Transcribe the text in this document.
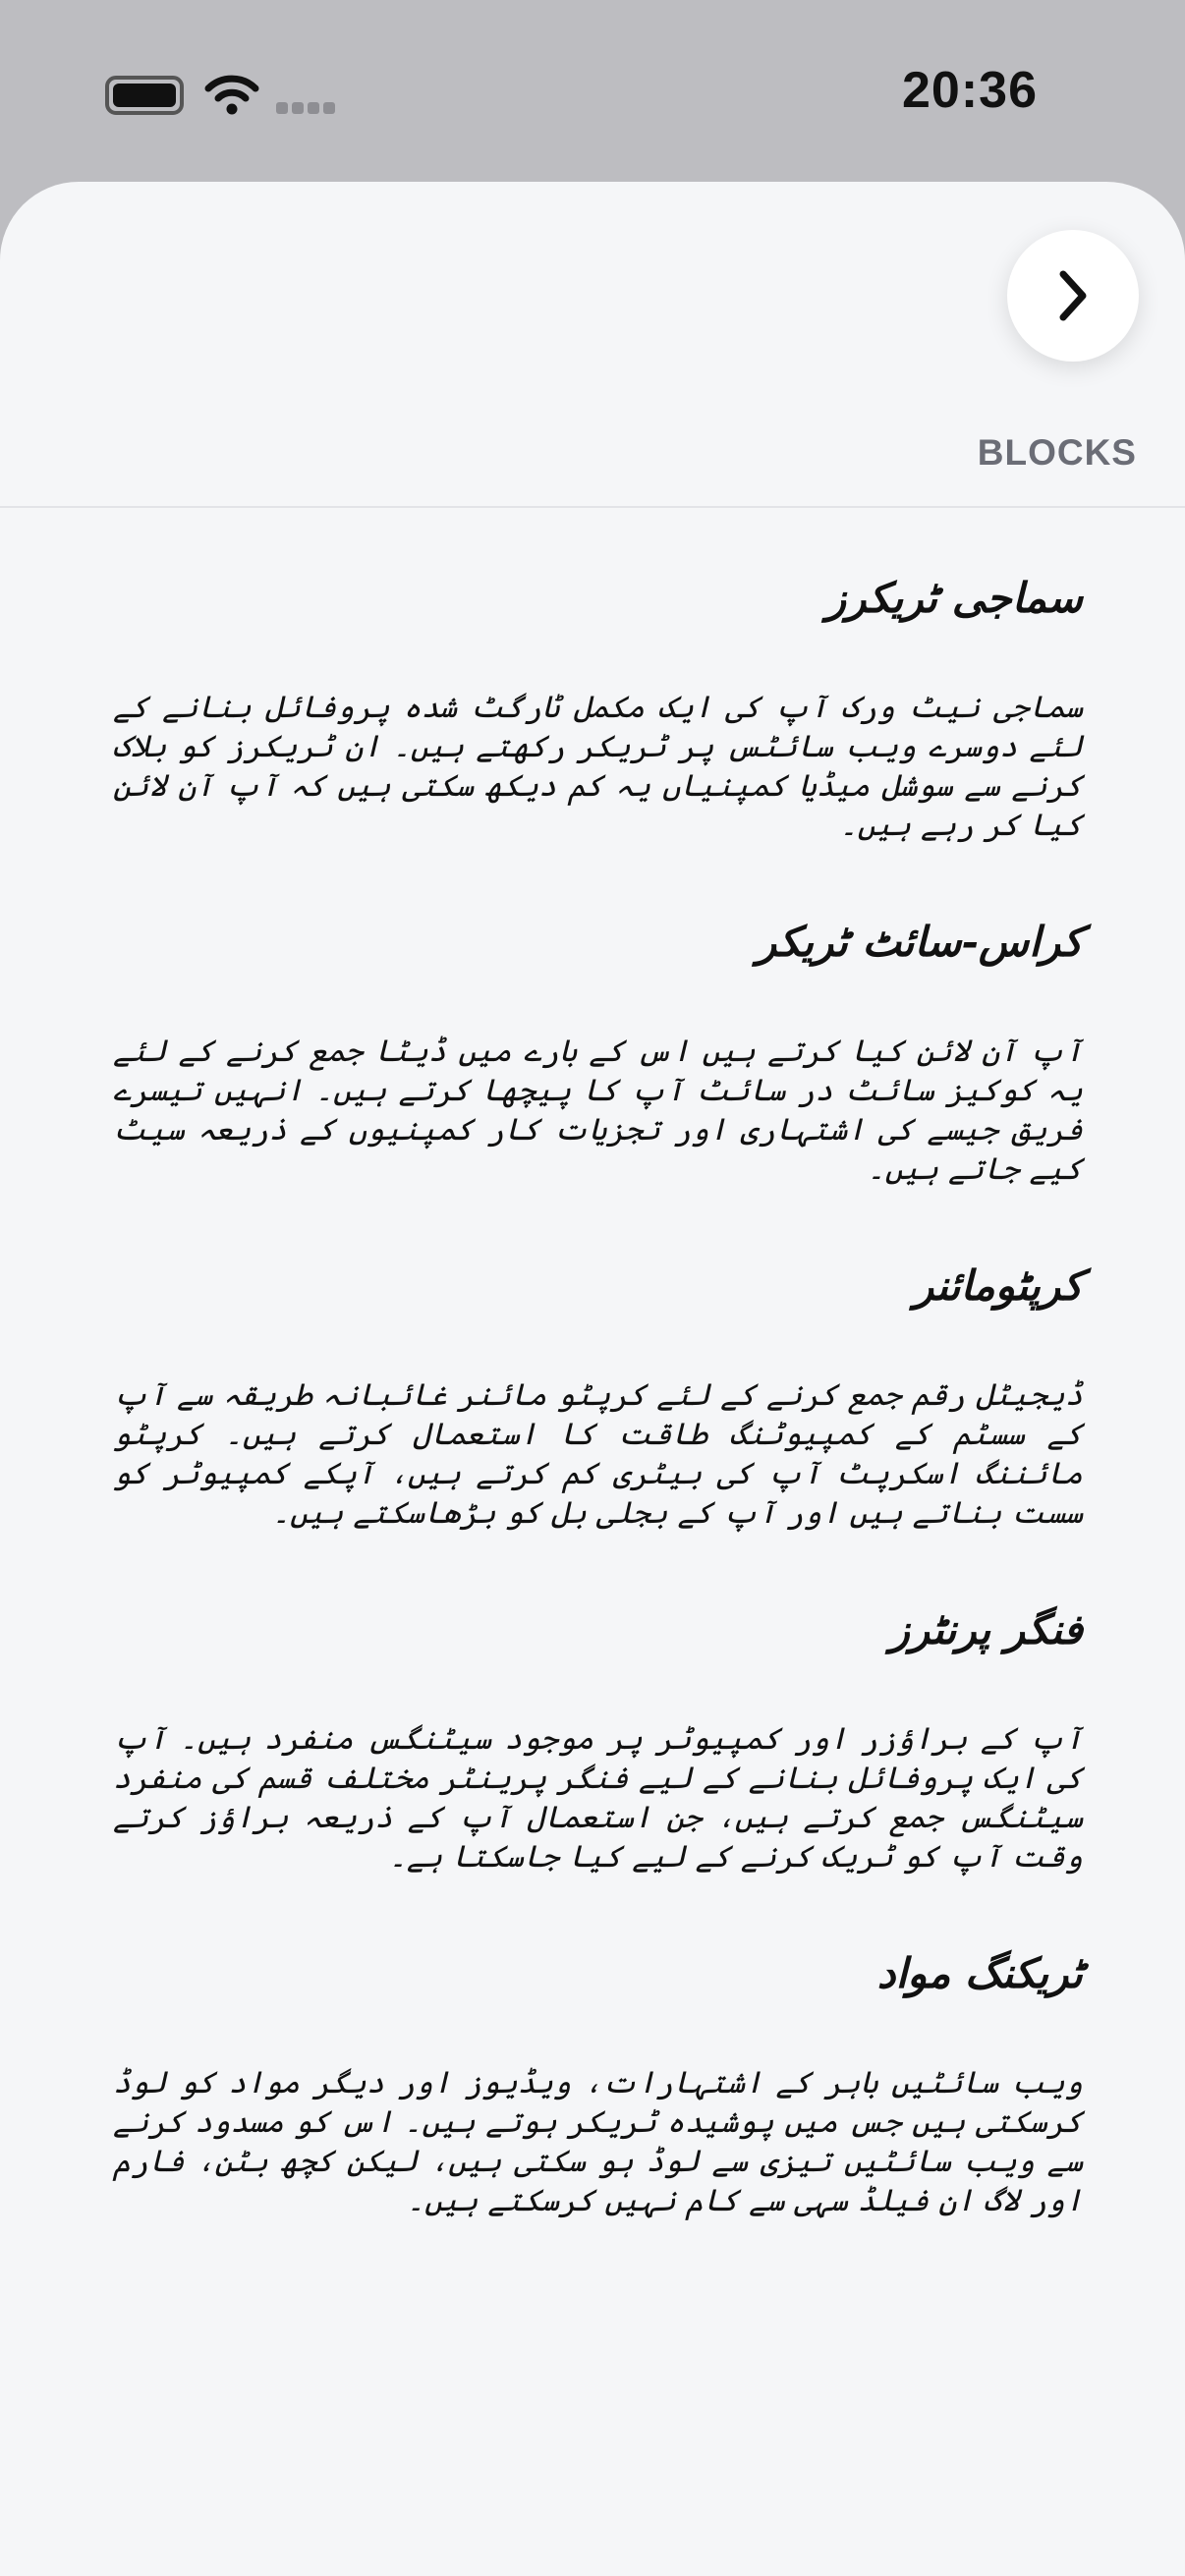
20:36
BLOCKS
سماجی ٹریکرز
سماجی نیٹ ورک آپ کی ایک مکمل ٹارگٹ شدہ پروفائل بنانے کے لئے دوسرے ویب سائٹس پر ٹریکر رکھتے ہیں۔ ان ٹریکرز کو بلاک کرنے سے سوشل میڈیا کمپنیاں یہ کم دیکھ سکتی ہیں کہ آپ آن لائن کیا کر رہے ہیں۔
کراس-سائٹ ٹریکر
آپ آن لائن کیا کرتے ہیں اس کے بارے میں ڈیٹا جمع کرنے کے لئے یہ کوکیز سائٹ در سائٹ آپ کا پیچھا کرتے ہیں۔ انہیں تیسرے فریق جیسے کی اشتہاری اور تجزیات کار کمپنیوں کے ذریعہ سیٹ کیے جاتے ہیں۔
کرپٹومائنر
ڈیجیٹل رقم جمع کرنے کے لئے کرپٹو مائنر غائبانہ طریقہ سے آپ کے سسٹم کے کمپیوٹنگ طاقت کا استعمال کرتے ہیں۔ کرپٹو مائننگ اسکرپٹ آپ کی بیٹری کم کرتے ہیں، آپکے کمپیوٹر کو سست بناتے ہیں اور آپ کے بجلی بل کو بڑھاسکتے ہیں۔
فنگر پرنٹرز
آپ کے براؤزر اور کمپیوٹر پر موجود سیٹنگس منفرد ہیں۔ آپ کی ایک پروفائل بنانے کے لیے فنگر پرینٹر مختلف قسم کی منفرد سیٹنگس جمع کرتے ہیں، جن استعمال آپ کے ذریعہ براؤز کرتے وقت آپ کو ٹریک کرنے کے لیے کیا جاسکتا ہے۔
ٹریکنگ مواد
ویب سائٹیں باہر کے اشتہارات، ویڈیوز اور دیگر مواد کو لوڈ کرسکتی ہیں جس میں پوشیدہ ٹریکر ہوتے ہیں۔ اس کو مسدود کرنے سے ویب سائٹیں تیزی سے لوڈ ہو سکتی ہیں، لیکن کچھ بٹن، فارم اور لاگ ان فیلڈ سہی سے کام نہیں کرسکتے ہیں۔
